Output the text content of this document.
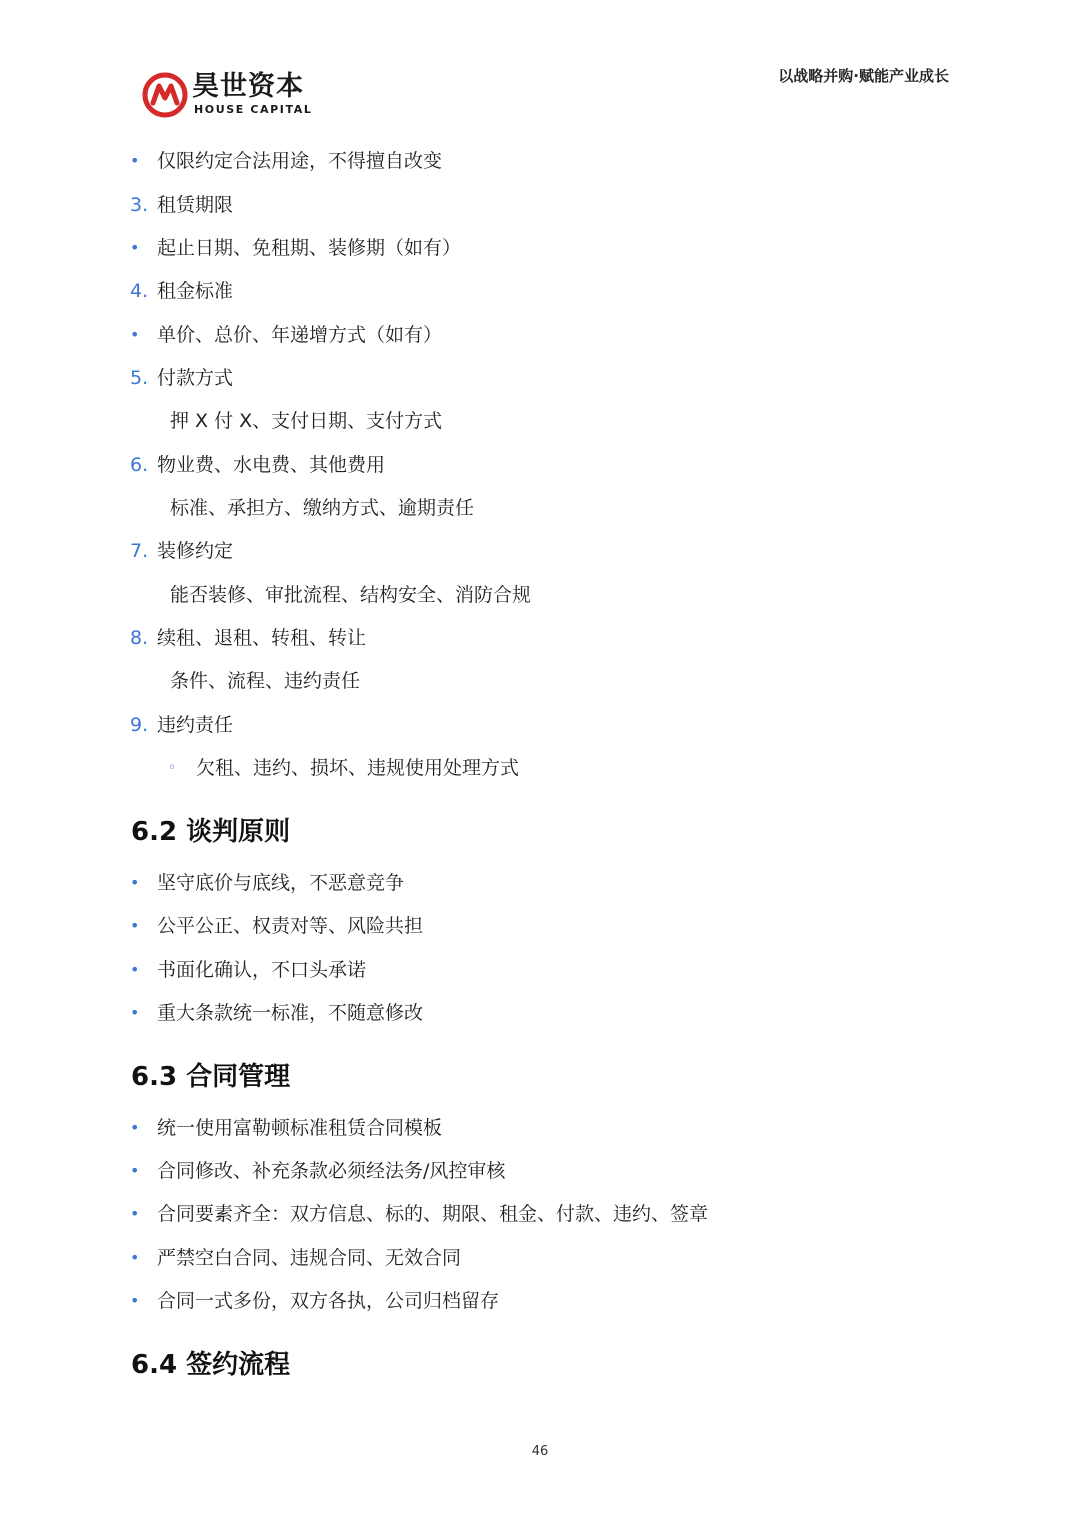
昊世资本
HOUSE CAPITAL
以战略并购·赋能产业成长
• 仅限约定合法用途，不得擅自改变
3. 租赁期限
• 起止日期、免租期、装修期（如有）
4. 租金标准
• 单价、总价、年递增方式（如有）
5. 付款方式
押 X 付 X、支付日期、支付方式
6. 物业费、水电费、其他费用
标准、承担方、缴纳方式、逾期责任
7. 装修约定
能否装修、审批流程、结构安全、消防合规
8. 续租、退租、转租、转让
条件、流程、违约责任
9. 违约责任
◦ 欠租、违约、损坏、违规使用处理方式
6.2 谈判原则
• 坚守底价与底线，不恶意竞争
• 公平公正、权责对等、风险共担
• 书面化确认，不口头承诺
• 重大条款统一标准，不随意修改
6.3 合同管理
• 统一使用富勒顿标准租赁合同模板
• 合同修改、补充条款必须经法务/风控审核
• 合同要素齐全：双方信息、标的、期限、租金、付款、违约、签章
• 严禁空白合同、违规合同、无效合同
• 合同一式多份，双方各执，公司归档留存
6.4 签约流程
46
